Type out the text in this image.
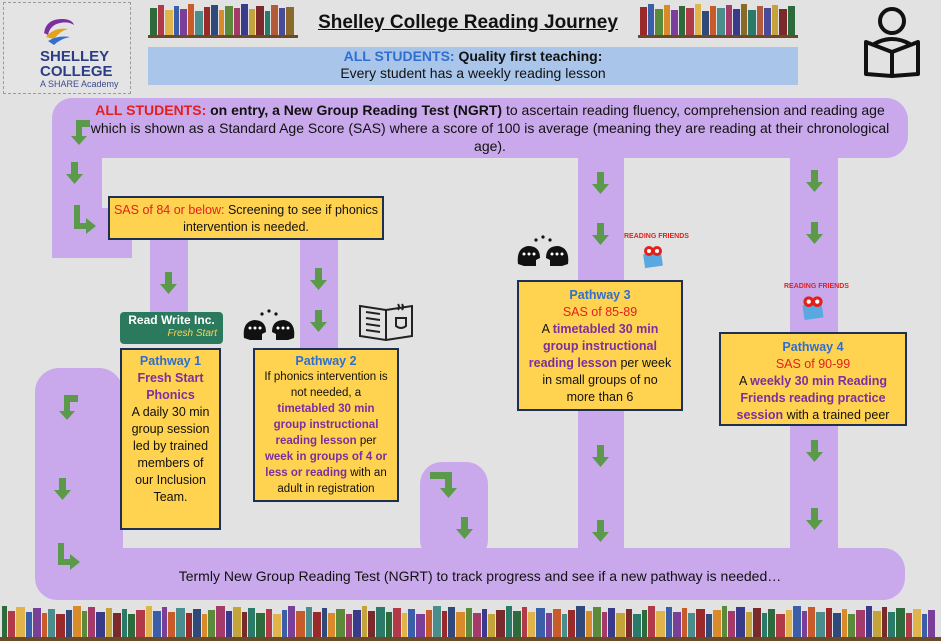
SHELLEY
COLLEGE
A SHARE Academy
Shelley College Reading Journey
ALL STUDENTS: Quality first teaching:
Every student has a weekly reading lesson
ALL STUDENTS: on entry, a New Group Reading Test (NGRT) to ascertain reading fluency, comprehension and reading age which is shown as a Standard Age Score (SAS) where a score of 100 is average (meaning they are reading at their chronological age).
SAS of 84 or below: Screening to see if phonics intervention is needed.
Read Write Inc.
Fresh Start
Pathway 1
Fresh Start Phonics
A daily 30 min group session led by trained members of our Inclusion Team.
Pathway 2
If phonics intervention is not needed, a timetabled 30 min group instructional reading lesson per week in groups of 4 or less or reading with an adult in registration
READING FRIENDS
Pathway 3
SAS of 85-89
A timetabled 30 min group instructional reading lesson per week in small groups of no more than 6
READING FRIENDS
Pathway 4
SAS of 90-99
A weekly 30 min Reading Friends reading practice session with a trained peer
Termly New Group Reading Test (NGRT) to track progress and see if a new pathway is needed…
